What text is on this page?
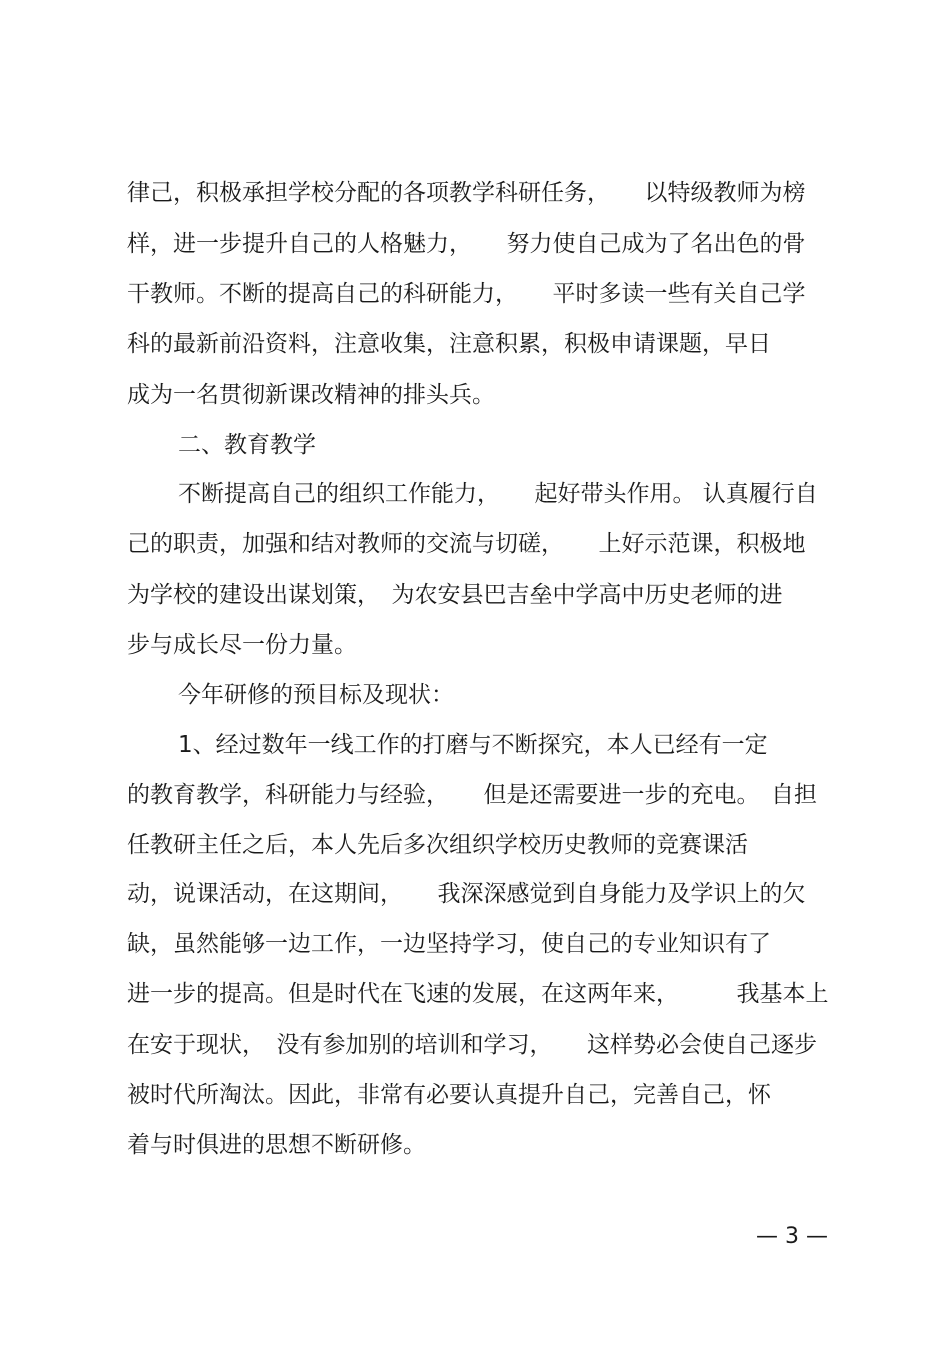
律己，积极承担学校分配的各项教学科研任务，　　以特级教师为榜
样，进一步提升自己的人格魅力，　　努力使自己成为了名出色的骨
干教师。不断的提高自己的科研能力，　　平时多读一些有关自己学
科的最新前沿资料，注意收集，注意积累，积极申请课题，早日
成为一名贯彻新课改精神的排头兵。
二、教育教学
不断提高自己的组织工作能力，　　起好带头作用。 认真履行自
己的职责，加强和结对教师的交流与切磋，　　上好示范课，积极地
为学校的建设出谋划策，　为农安县巴吉垒中学高中历史老师的进
步与成长尽一份力量。
今年研修的预目标及现状：
1、经过数年一线工作的打磨与不断探究，本人已经有一定
的教育教学，科研能力与经验，　　但是还需要进一步的充电。　自担
任教研主任之后，本人先后多次组织学校历史教师的竞赛课活
动，说课活动，在这期间，　　我深深感觉到自身能力及学识上的欠
缺，虽然能够一边工作，一边坚持学习，使自己的专业知识有了
进一步的提高。但是时代在飞速的发展，在这两年来，　　　我基本上
在安于现状，　没有参加别的培训和学习，　　这样势必会使自己逐步
被时代所淘汰。因此，非常有必要认真提升自己，完善自己，怀
着与时俱进的思想不断研修。
— 3 —
